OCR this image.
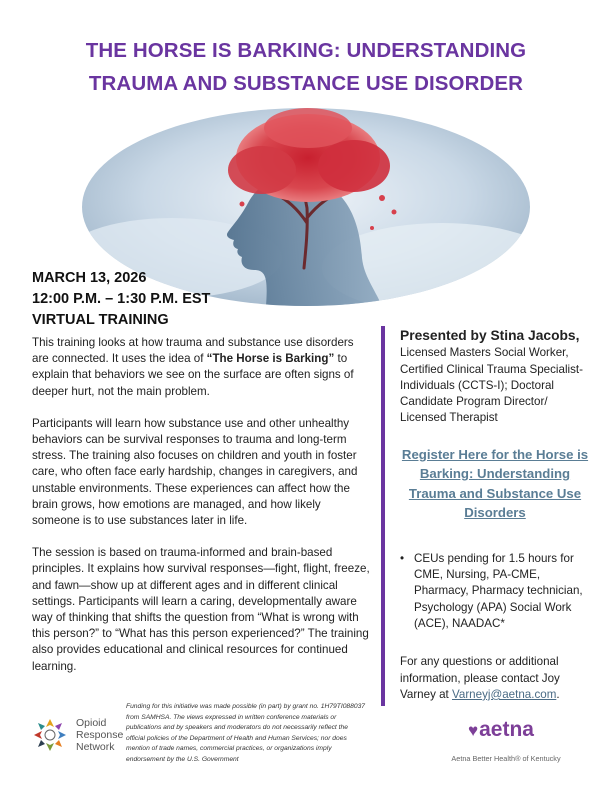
THE HORSE IS BARKING: UNDERSTANDING
TRAUMA AND SUBSTANCE USE DISORDER
MARCH 13, 2026
12:00 P.M. – 1:30 P.M. EST
VIRTUAL TRAINING

This training looks at how trauma and substance use disorders are connected. It uses the idea of “The Horse is Barking” to explain that behaviors we see on the surface are often signs of deeper hurt, not the main problem.

Participants will learn how substance use and other unhealthy behaviors can be survival responses to trauma and long-term stress. The training also focuses on children and youth in foster care, who often face early hardship, changes in caregivers, and unstable environments. These experiences can affect how the brain grows, how emotions are managed, and how likely someone is to use substances later in life.

The session is based on trauma-informed and brain-based principles. It explains how survival responses—fight, flight, freeze, and fawn—show up at different ages and in different clinical settings. Participants will learn a caring, developmentally aware way of thinking that shifts the question from “What is wrong with this person?” to “What has this person experienced?” The training also provides educational and clinical resources for continued learning.

Presented by Stina Jacobs,
Licensed Masters Social Worker, Certified Clinical Trauma Specialist-Individuals (CCTS-I); Doctoral Candidate Program Director/ Licensed Therapist
Register Here for the Horse is Barking: Understanding Trauma and Substance Use Disorders
• CEUs pending for 1.5 hours for CME, Nursing, PA-CME, Pharmacy, Pharmacy technician, Psychology (APA) Social Work (ACE), NAADAC*
For any questions or additional information, please contact Joy Varney at Varneyj@aetna.com.
Opioid
Response
Network
Funding for this initiative was made possible (in part) by grant no. 1H79TI088037 from SAMHSA. The views expressed in written conference materials or publications and by speakers and moderators do not necessarily reflect the official policies of the Department of Health and Human Services; nor does mention of trade names, commercial practices, or organizations imply endorsement by the U.S. Government
♥aetna
Aetna Better Health® of Kentucky
